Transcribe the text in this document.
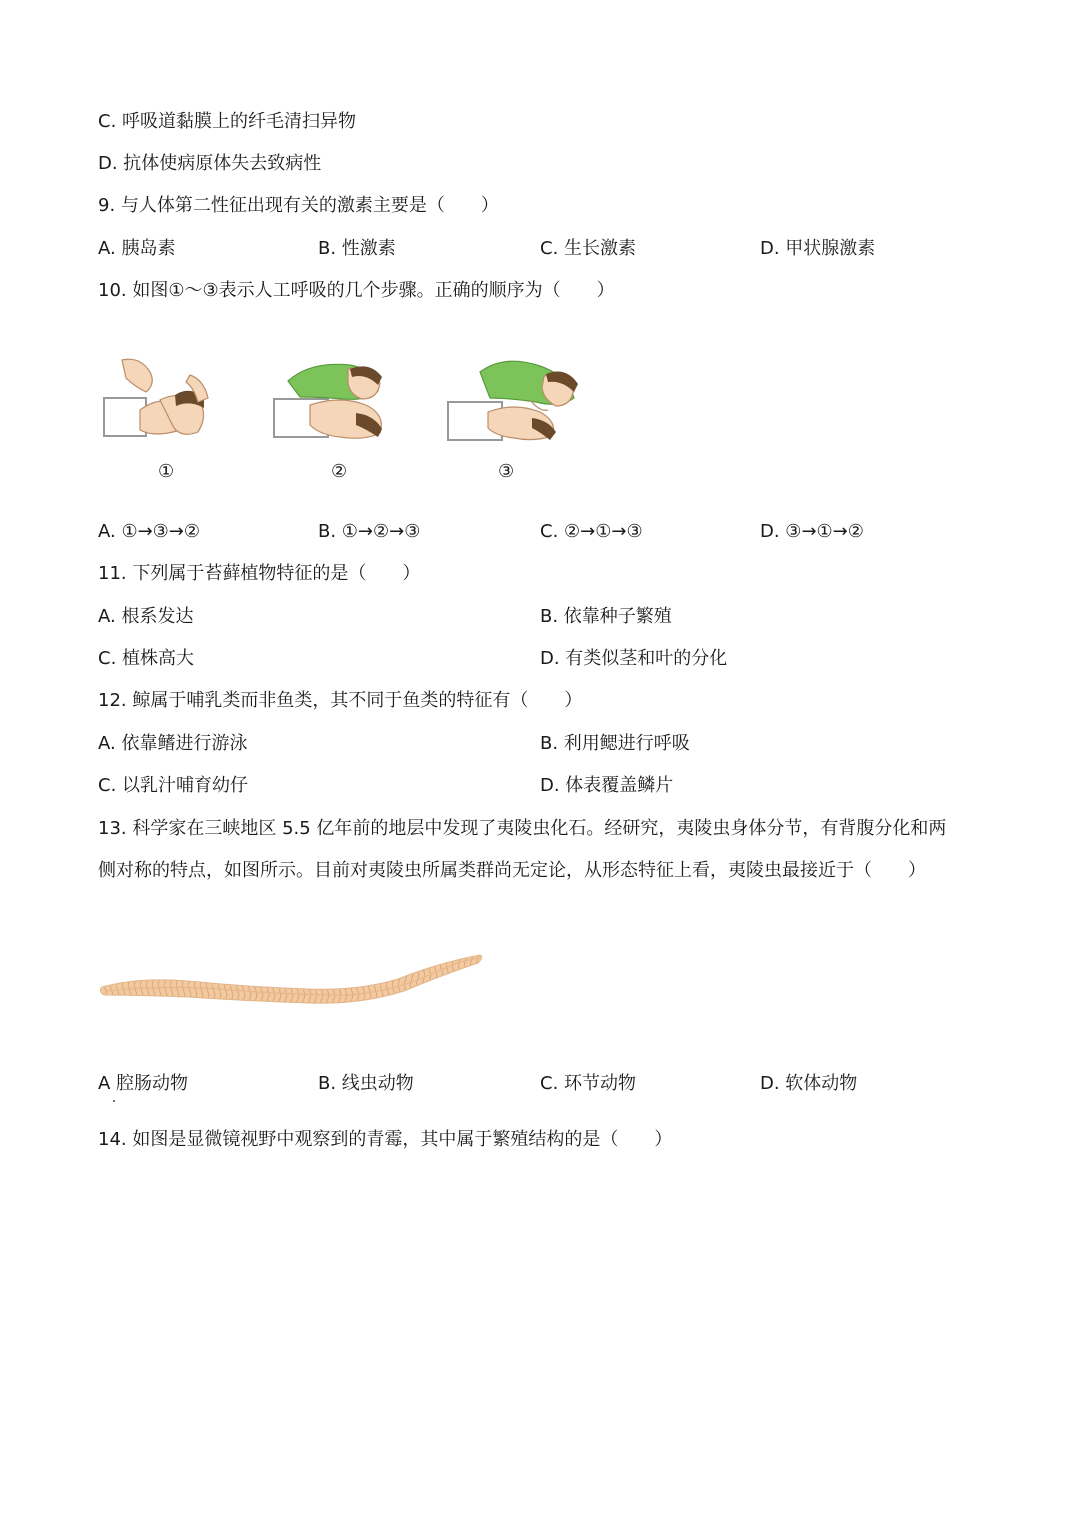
C. 呼吸道黏膜上的纤毛清扫异物
D. 抗体使病原体失去致病性
9. 与人体第二性征出现有关的激素主要是（　　）
A. 胰岛素	B. 性激素	C. 生长激素	D. 甲状腺激素
10. 如图①～③表示人工呼吸的几个步骤。正确的顺序为（　　）
①	②	③
A. ①→③→②	B. ①→②→③	C. ②→①→③	D. ③→①→②
11. 下列属于苔藓植物特征的是（　　）
A. 根系发达	B. 依靠种子繁殖
C. 植株高大	D. 有类似茎和叶的分化
12. 鲸属于哺乳类而非鱼类，其不同于鱼类的特征有（　　）
A. 依靠鳍进行游泳	B. 利用鳃进行呼吸
C. 以乳汁哺育幼仔	D. 体表覆盖鳞片
13. 科学家在三峡地区 5.5 亿年前的地层中发现了夷陵虫化石。经研究，夷陵虫身体分节，有背腹分化和两
侧对称的特点，如图所示。目前对夷陵虫所属类群尚无定论，从形态特征上看，夷陵虫最接近于（　　）
A 腔肠动物	B. 线虫动物	C. 环节动物	D. 软体动物
14. 如图是显微镜视野中观察到的青霉，其中属于繁殖结构的是（　　）
